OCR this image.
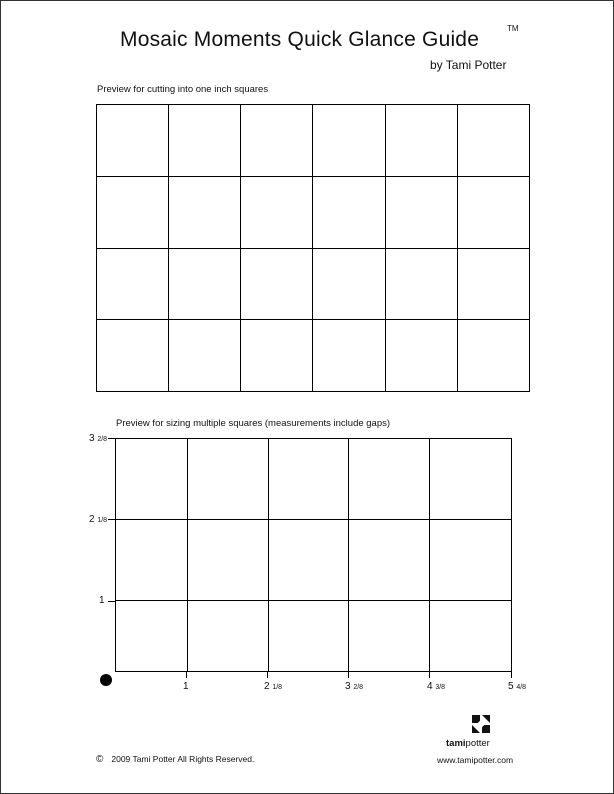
Mosaic Moments Quick Glance Guide	TM
by Tami Potter
Preview for cutting into one inch squares
Preview for sizing multiple squares (measurements include gaps)
3 2/8
2 1/8
1
1	2 1/8	3 2/8	4 3/8	5 4/8
tamipotter
© 2009 Tami Potter All Rights Reserved.	www.tamipotter.com
